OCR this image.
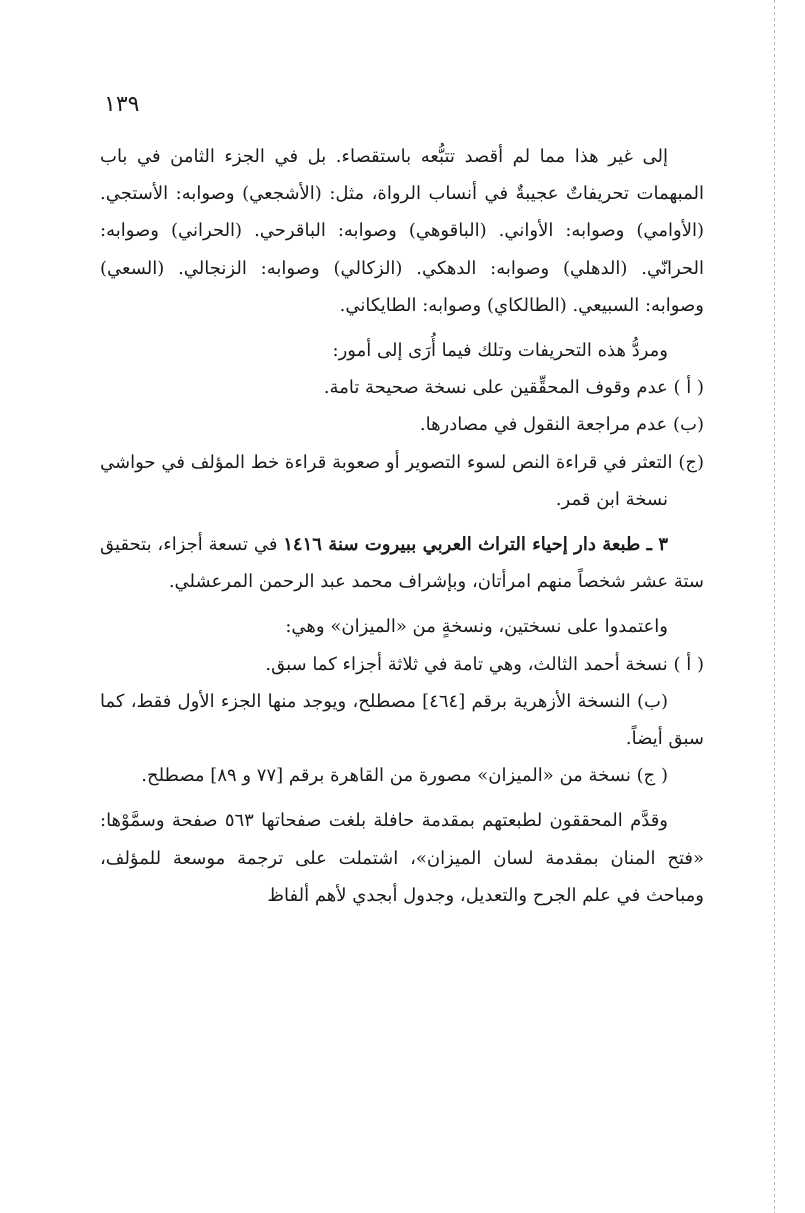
١٣٩

إلى غير هذا مما لم أقصد تتبُّعه باستقصاء. بل في الجزء الثامن في باب المبهمات تحريفاتٌ عجيبةٌ في أنساب الرواة، مثل: (الأشجعي) وصوابه: الأستجي. (الأوامي) وصوابه: الأواني. (الباقوهي) وصوابه: الباقرحي. (الحراني) وصوابه: الحرانّي. (الدهلي) وصوابه: الدهكي. (الزكالي) وصوابه: الزنجالي. (السعي) وصوابه: السبيعي. (الطالكاي) وصوابه: الطايكاني.

ومردُّ هذه التحريفات وتلك فيما أُرَى إلى أمور:

( أ ) عدم وقوف المحقِّقين على نسخة صحيحة تامة.

(ب) عدم مراجعة النقول في مصادرها.

(ج) التعثر في قراءة النص لسوء التصوير أو صعوبة قراءة خط المؤلف في حواشي نسخة ابن قمر.

٣ ـ طبعة دار إحياء التراث العربي ببيروت سنة ١٤١٦ في تسعة أجزاء، بتحقيق ستة عشر شخصاً منهم امرأتان، وبإشراف محمد عبد الرحمن المرعشلي.

واعتمدوا على نسختين، ونسخةٍ من «الميزان» وهي:

( أ ) نسخة أحمد الثالث، وهي تامة في ثلاثة أجزاء كما سبق.

(ب) النسخة الأزهرية برقم [٤٦٤] مصطلح، ويوجد منها الجزء الأول فقط، كما سبق أيضاً.

( ج) نسخة من «الميزان» مصورة من القاهرة برقم [٧٧ و ٨٩] مصطلح.

وقدَّم المحققون لطبعتهم بمقدمة حافلة بلغت صفحاتها ٥٦٣ صفحة وسمَّوْها: «فتح المنان بمقدمة لسان الميزان»، اشتملت على ترجمة موسعة للمؤلف، ومباحث في علم الجرح والتعديل، وجدول أبجدي لأهم ألفاظ
